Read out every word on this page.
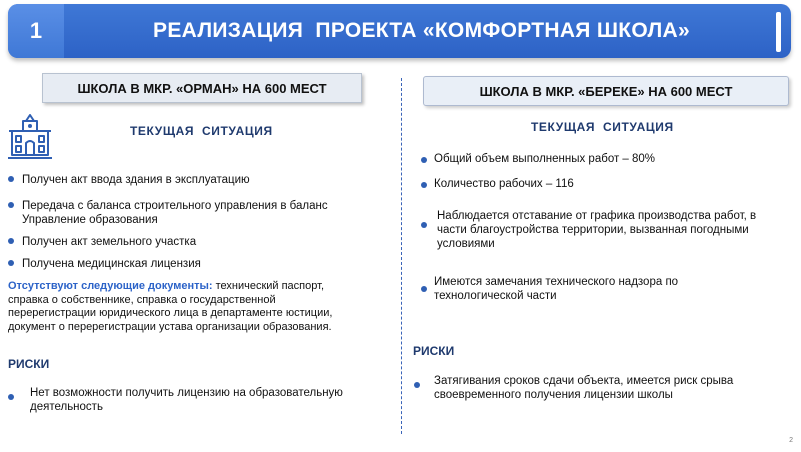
1	РЕАЛИЗАЦИЯ  ПРОЕКТА «КОМФОРТНАЯ ШКОЛА»
ШКОЛА В МКР. «ОРМАН» НА 600 МЕСТ
ТЕКУЩАЯ  СИТУАЦИЯ
Получен акт ввода здания в эксплуатацию
Передача с баланса строительного управления в баланс Управление образования
Получен акт земельного участка
Получена медицинская лицензия
Отсутствуют следующие документы: технический паспорт, справка о собственнике, справка о государственной перерегистрации юридического лица в департаменте юстиции, документ о перерегистрации устава организации образования.
РИСКИ
Нет возможности получить лицензию на образовательную деятельность
ШКОЛА В МКР. «БЕРЕКЕ» НА 600 МЕСТ
ТЕКУЩАЯ  СИТУАЦИЯ
Общий объем выполненных работ – 80%
Количество рабочих – 116
Наблюдается отставание от графика производства работ, в части благоустройства территории, вызванная погодными условиями
Имеются замечания технического надзора по технологической части
РИСКИ
Затягивания сроков сдачи объекта, имеется риск срыва своевременного получения лицензии школы
2
